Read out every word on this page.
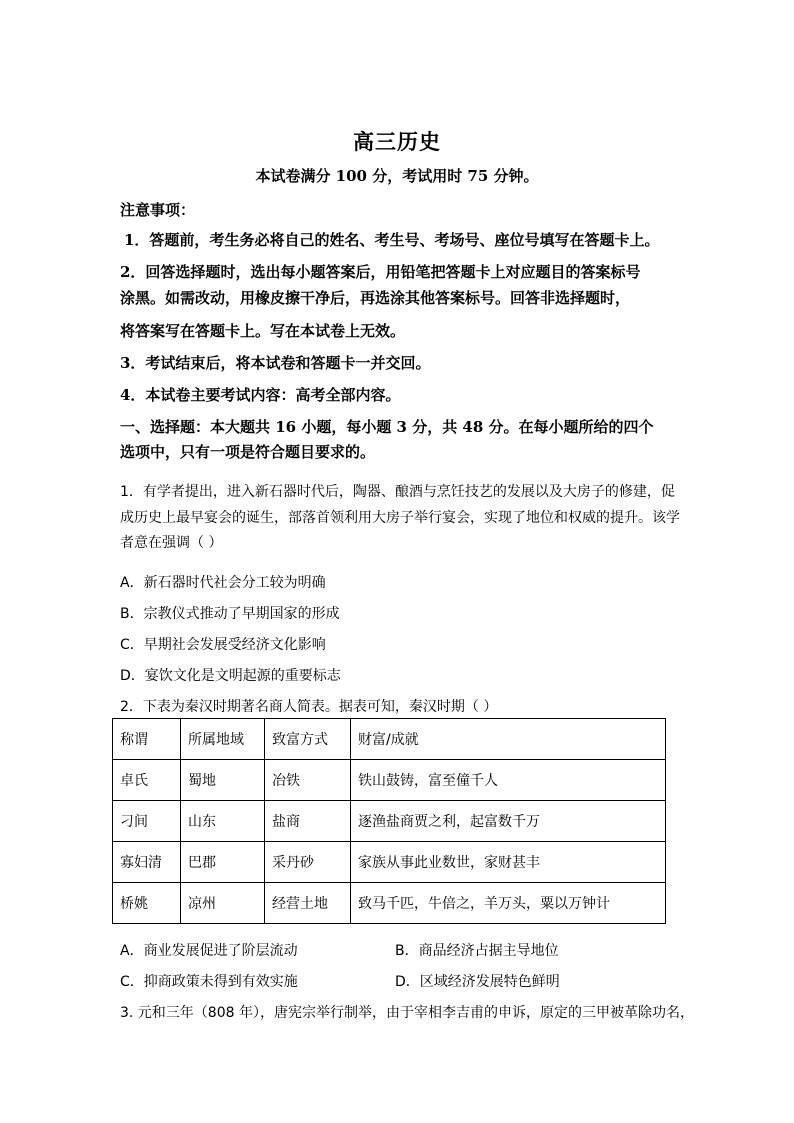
高三历史
本试卷满分 100 分，考试用时 75 分钟。
注意事项：
1．答题前，考生务必将自己的姓名、考生号、考场号、座位号填写在答题卡上。
2．回答选择题时，选出每小题答案后，用铅笔把答题卡上对应题目的答案标号
涂黑。如需改动，用橡皮擦干净后，再选涂其他答案标号。回答非选择题时，
将答案写在答题卡上。写在本试卷上无效。
3．考试结束后，将本试卷和答题卡一并交回。
4．本试卷主要考试内容：高考全部内容。
一、选择题：本大题共 16 小题，每小题 3 分，共 48 分。在每小题所给的四个
选项中，只有一项是符合题目要求的。
1．有学者提出，进入新石器时代后，陶器、酿酒与烹饪技艺的发展以及大房子的修建，促
成历史上最早宴会的诞生，部落首领利用大房子举行宴会，实现了地位和权威的提升。该学
者意在强调（ ）
A．新石器时代社会分工较为明确
B．宗教仪式推动了早期国家的形成
C．早期社会发展受经济文化影响
D．宴饮文化是文明起源的重要标志
2．下表为秦汉时期著名商人简表。据表可知，秦汉时期（ ）
称谓	所属地域	致富方式	财富/成就
卓氏	蜀地	冶铁	铁山鼓铸，富至僮千人
刁间	山东	盐商	逐渔盐商贾之利，起富数千万
寡妇清	巴郡	采丹砂	家族从事此业数世，家财甚丰
桥姚	凉州	经营土地	致马千匹，牛倍之，羊万头，粟以万钟计
A．商业发展促进了阶层流动	B．商品经济占据主导地位
C．抑商政策未得到有效实施	D．区域经济发展特色鲜明
3. 元和三年（808 年），唐宪宗举行制举，由于宰相李吉甫的申诉，原定的三甲被革除功名，
